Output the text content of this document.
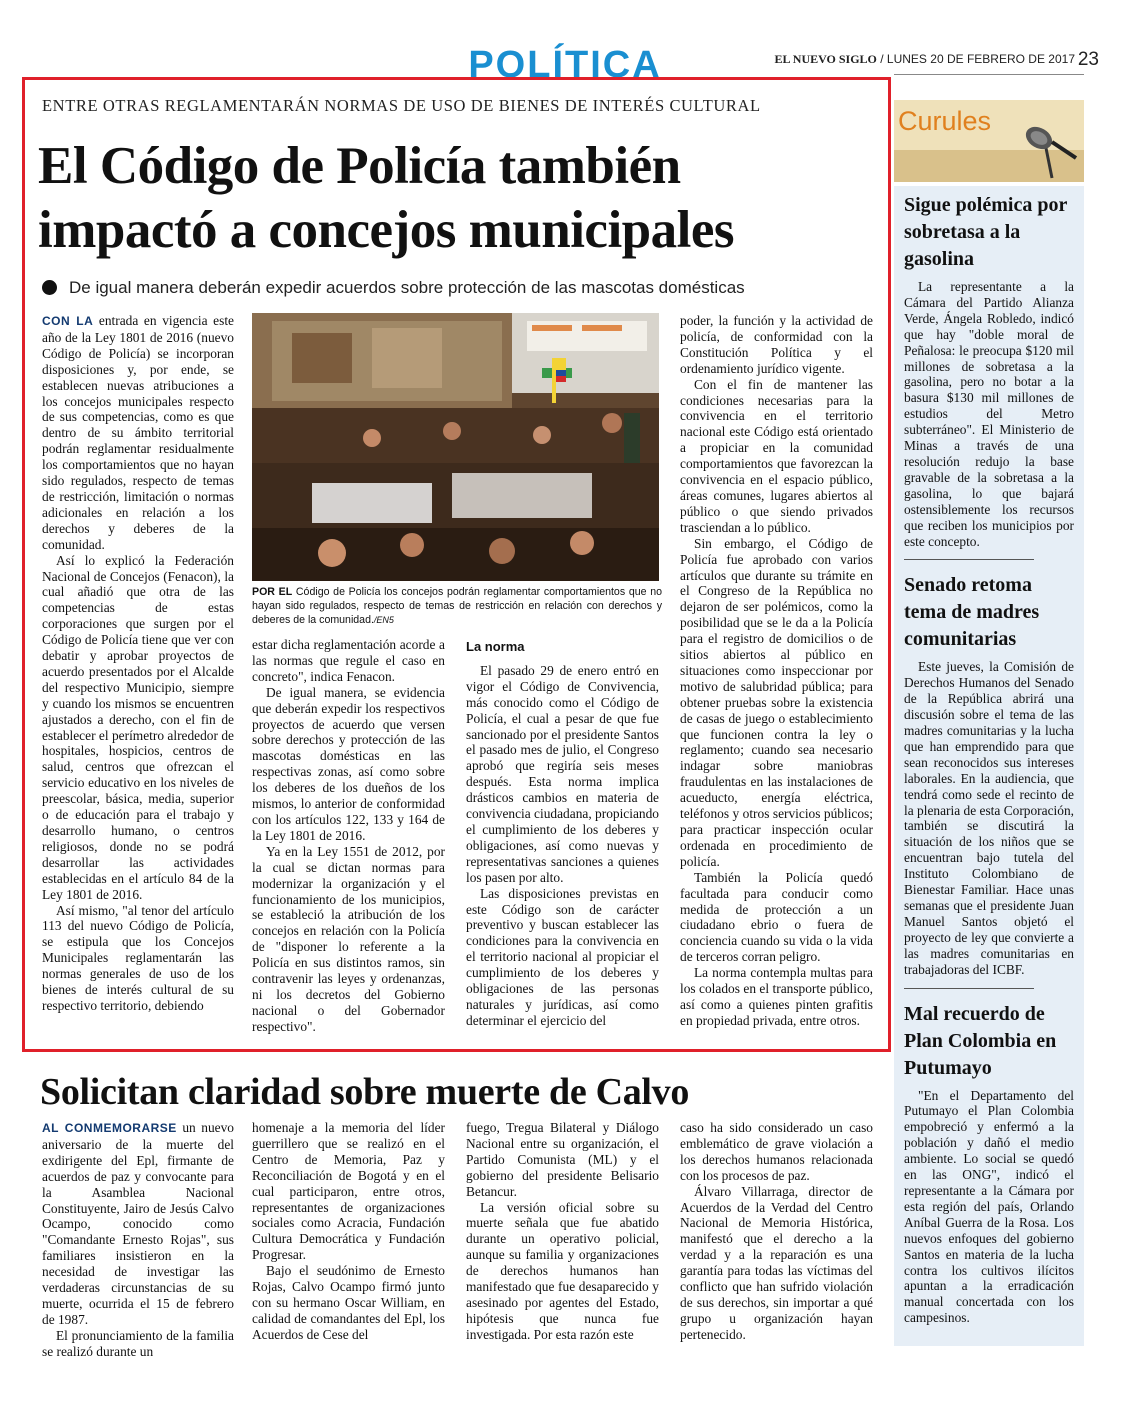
POLÍTICA	EL NUEVO SIGLO / LUNES 20 DE FEBRERO DE 2017 23
ENTRE OTRAS REGLAMENTARÁN NORMAS DE USO DE BIENES DE INTERÉS CULTURAL
El Código de Policía también
impactó a concejos municipales
De igual manera deberán expedir acuerdos sobre protección de las mascotas domésticas

CON LA entrada en vigencia este año de la Ley 1801 de 2016 (nuevo Código de Policía) se incorporan disposiciones y, por ende, se establecen nuevas atribuciones a los concejos municipales respecto de sus competencias, como es que dentro de su ámbito territorial podrán reglamentar residualmente los comportamientos que no hayan sido regulados, respecto de temas de restricción, limitación o normas adicionales en relación a los derechos y deberes de la comunidad.

Así lo explicó la Federación Nacional de Concejos (Fenacon), la cual añadió que otra de las competencias de estas corporaciones que surgen por el Código de Policía tiene que ver con debatir y aprobar proyectos de acuerdo presentados por el Alcalde del respectivo Municipio, siempre y cuando los mismos se encuentren ajustados a derecho, con el fin de establecer el perímetro alrededor de hospitales, hospicios, centros de salud, centros que ofrezcan el servicio educativo en los niveles de preescolar, básica, media, superior o de educación para el trabajo y desarrollo humano, o centros religiosos, donde no se podrá desarrollar las actividades establecidas en el artículo 84 de la Ley 1801 de 2016.

Así mismo, "al tenor del artículo 113 del nuevo Código de Policía, se estipula que los Concejos Municipales reglamentarán las normas generales de uso de los bienes de interés cultural de su respectivo territorio, debiendo

POR EL Código de Policía los concejos podrán reglamentar comportamientos que no hayan sido regulados, respecto de temas de restricción en relación con derechos y deberes de la comunidad./EN5

estar dicha reglamentación acorde a las normas que regule el caso en concreto", indica Fenacon.

De igual manera, se evidencia que deberán expedir los respectivos proyectos de acuerdo que versen sobre derechos y protección de las mascotas domésticas en las respectivas zonas, así como sobre los deberes de los dueños de los mismos, lo anterior de conformidad con los artículos 122, 133 y 164 de la Ley 1801 de 2016.

Ya en la Ley 1551 de 2012, por la cual se dictan normas para modernizar la organización y el funcionamiento de los municipios, se estableció la atribución de los concejos en relación con la Policía de "disponer lo referente a la Policía en sus distintos ramos, sin contravenir las leyes y ordenanzas, ni los decretos del Gobierno nacional o del Gobernador respectivo".

La norma

El pasado 29 de enero entró en vigor el Código de Convivencia, más conocido como el Código de Policía, el cual a pesar de que fue sancionado por el presidente Santos el pasado mes de julio, el Congreso aprobó que regiría seis meses después. Esta norma implica drásticos cambios en materia de convivencia ciudadana, propiciando el cumplimiento de los deberes y obligaciones, así como nuevas y representativas sanciones a quienes los pasen por alto.

Las disposiciones previstas en este Código son de carácter preventivo y buscan establecer las condiciones para la convivencia en el territorio nacional al propiciar el cumplimiento de los deberes y obligaciones de las personas naturales y jurídicas, así como determinar el ejercicio del

poder, la función y la actividad de policía, de conformidad con la Constitución Política y el ordenamiento jurídico vigente.

Con el fin de mantener las condiciones necesarias para la convivencia en el territorio nacional este Código está orientado a propiciar en la comunidad comportamientos que favorezcan la convivencia en el espacio público, áreas comunes, lugares abiertos al público o que siendo privados trasciendan a lo público.

Sin embargo, el Código de Policía fue aprobado con varios artículos que durante su trámite en el Congreso de la República no dejaron de ser polémicos, como la posibilidad que se le da a la Policía para el registro de domicilios o de sitios abiertos al público en situaciones como inspeccionar por motivo de salubridad pública; para obtener pruebas sobre la existencia de casas de juego o establecimiento que funcionen contra la ley o reglamento; cuando sea necesario indagar sobre maniobras fraudulentas en las instalaciones de acueducto, energía eléctrica, teléfonos y otros servicios públicos; para practicar inspección ocular ordenada en procedimiento de policía.

También la Policía quedó facultada para conducir como medida de protección a un ciudadano ebrio o fuera de conciencia cuando su vida o la vida de terceros corran peligro.

La norma contempla multas para los colados en el transporte público, así como a quienes pinten grafitis en propiedad privada, entre otros.

Solicitan claridad sobre muerte de Calvo

AL CONMEMORARSE un nuevo aniversario de la muerte del exdirigente del Epl, firmante de acuerdos de paz y convocante para la Asamblea Nacional Constituyente, Jairo de Jesús Calvo Ocampo, conocido como "Comandante Ernesto Rojas", sus familiares insistieron en la necesidad de investigar las verdaderas circunstancias de su muerte, ocurrida el 15 de febrero de 1987.

El pronunciamiento de la familia se realizó durante un

homenaje a la memoria del líder guerrillero que se realizó en el Centro de Memoria, Paz y Reconciliación de Bogotá y en el cual participaron, entre otros, representantes de organizaciones sociales como Acracia, Fundación Cultura Democrática y Fundación Progresar.

Bajo el seudónimo de Ernesto Rojas, Calvo Ocampo firmó junto con su hermano Oscar William, en calidad de comandantes del Epl, los Acuerdos de Cese del

fuego, Tregua Bilateral y Diálogo Nacional entre su organización, el Partido Comunista (ML) y el gobierno del presidente Belisario Betancur.

La versión oficial sobre su muerte señala que fue abatido durante un operativo policial, aunque su familia y organizaciones de derechos humanos han manifestado que fue desaparecido y asesinado por agentes del Estado, hipótesis que nunca fue investigada. Por esta razón este

caso ha sido considerado un caso emblemático de grave violación a los derechos humanos relacionada con los procesos de paz.

Álvaro Villarraga, director de Acuerdos de la Verdad del Centro Nacional de Memoria Histórica, manifestó que el derecho a la verdad y a la reparación es una garantía para todas las víctimas del conflicto que han sufrido violación de sus derechos, sin importar a qué grupo u organización hayan pertenecido.

Curules
Sigue polémica por sobretasa a la gasolina

La representante a la Cámara del Partido Alianza Verde, Ángela Robledo, indicó que hay "doble moral de Peñalosa: le preocupa $120 mil millones de sobretasa a la gasolina, pero no botar a la basura $130 mil millones de estudios del Metro subterráneo". El Ministerio de Minas a través de una resolución redujo la base gravable de la sobretasa a la gasolina, lo que bajará ostensiblemente los recursos que reciben los municipios por este concepto.

Senado retoma tema de madres comunitarias

Este jueves, la Comisión de Derechos Humanos del Senado de la República abrirá una discusión sobre el tema de las madres comunitarias y la lucha que han emprendido para que sean reconocidos sus intereses laborales. En la audiencia, que tendrá como sede el recinto de la plenaria de esta Corporación, también se discutirá la situación de los niños que se encuentran bajo tutela del Instituto Colombiano de Bienestar Familiar. Hace unas semanas que el presidente Juan Manuel Santos objetó el proyecto de ley que convierte a las madres comunitarias en trabajadoras del ICBF.

Mal recuerdo de Plan Colombia en Putumayo

"En el Departamento del Putumayo el Plan Colombia empobreció y enfermó a la población y dañó el medio ambiente. Lo social se quedó en las ONG", indicó el representante a la Cámara por esta región del país, Orlando Aníbal Guerra de la Rosa. Los nuevos enfoques del gobierno Santos en materia de la lucha contra los cultivos ilícitos apuntan a la erradicación manual concertada con los campesinos.
